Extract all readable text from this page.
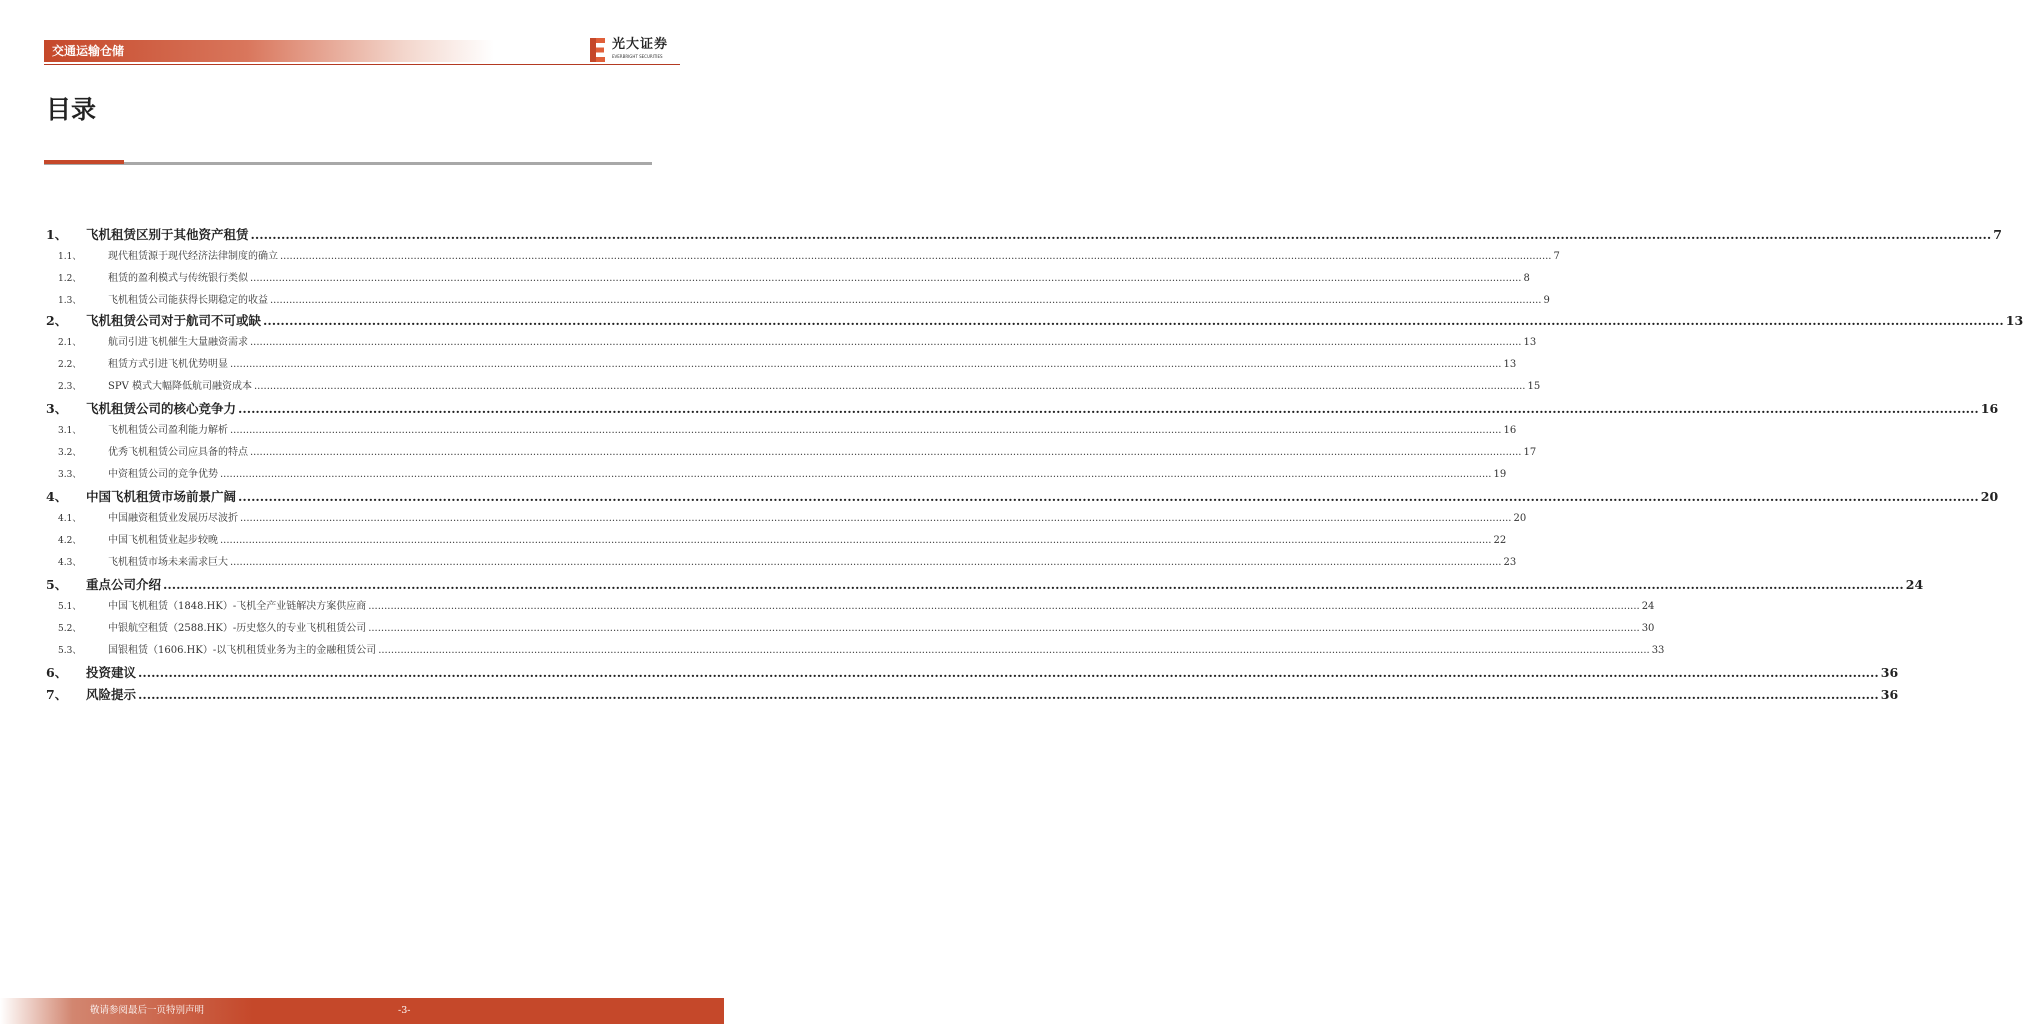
交通运输仓储	光大证券
EVERBRIGHT SECURITIES
目录
1、 飞机租赁区别于其他资产租赁 ................................................................................................................................................................................................................................................................................................................................................................................................................ 7
1.1、	现代租赁源于现代经济法律制度的确立 ................................................................................................................................................................................................................................................................................................................................................................................................................ 7
1.2、	租赁的盈利模式与传统银行类似 ................................................................................................................................................................................................................................................................................................................................................................................................................ 8
1.3、	飞机租赁公司能获得长期稳定的收益 ................................................................................................................................................................................................................................................................................................................................................................................................................ 9
2、 飞机租赁公司对于航司不可或缺 ................................................................................................................................................................................................................................................................................................................................................................................................................ 13
2.1、	航司引进飞机催生大量融资需求 ................................................................................................................................................................................................................................................................................................................................................................................................................ 13
2.2、	租赁方式引进飞机优势明显 ................................................................................................................................................................................................................................................................................................................................................................................................................ 13
2.3、	SPV 模式大幅降低航司融资成本 ................................................................................................................................................................................................................................................................................................................................................................................................................ 15
3、 飞机租赁公司的核心竞争力 ................................................................................................................................................................................................................................................................................................................................................................................................................ 16
3.1、	飞机租赁公司盈利能力解析 ................................................................................................................................................................................................................................................................................................................................................................................................................ 16
3.2、	优秀飞机租赁公司应具备的特点 ................................................................................................................................................................................................................................................................................................................................................................................................................ 17
3.3、	中资租赁公司的竞争优势 ................................................................................................................................................................................................................................................................................................................................................................................................................ 19
4、 中国飞机租赁市场前景广阔 ................................................................................................................................................................................................................................................................................................................................................................................................................ 20
4.1、	中国融资租赁业发展历尽波折 ................................................................................................................................................................................................................................................................................................................................................................................................................ 20
4.2、	中国飞机租赁业起步较晚 ................................................................................................................................................................................................................................................................................................................................................................................................................ 22
4.3、	飞机租赁市场未来需求巨大 ................................................................................................................................................................................................................................................................................................................................................................................................................ 23
5、 重点公司介绍 ................................................................................................................................................................................................................................................................................................................................................................................................................ 24
5.1、	中国飞机租赁（1848.HK）-飞机全产业链解决方案供应商 ................................................................................................................................................................................................................................................................................................................................................................................................................ 24
5.2、	中银航空租赁（2588.HK）-历史悠久的专业飞机租赁公司 ................................................................................................................................................................................................................................................................................................................................................................................................................ 30
5.3、	国银租赁（1606.HK）-以飞机租赁业务为主的金融租赁公司 ................................................................................................................................................................................................................................................................................................................................................................................................................ 33
6、 投资建议 ................................................................................................................................................................................................................................................................................................................................................................................................................ 36
7、 风险提示 ................................................................................................................................................................................................................................................................................................................................................................................................................ 36
敬请参阅最后一页特别声明	-3-
